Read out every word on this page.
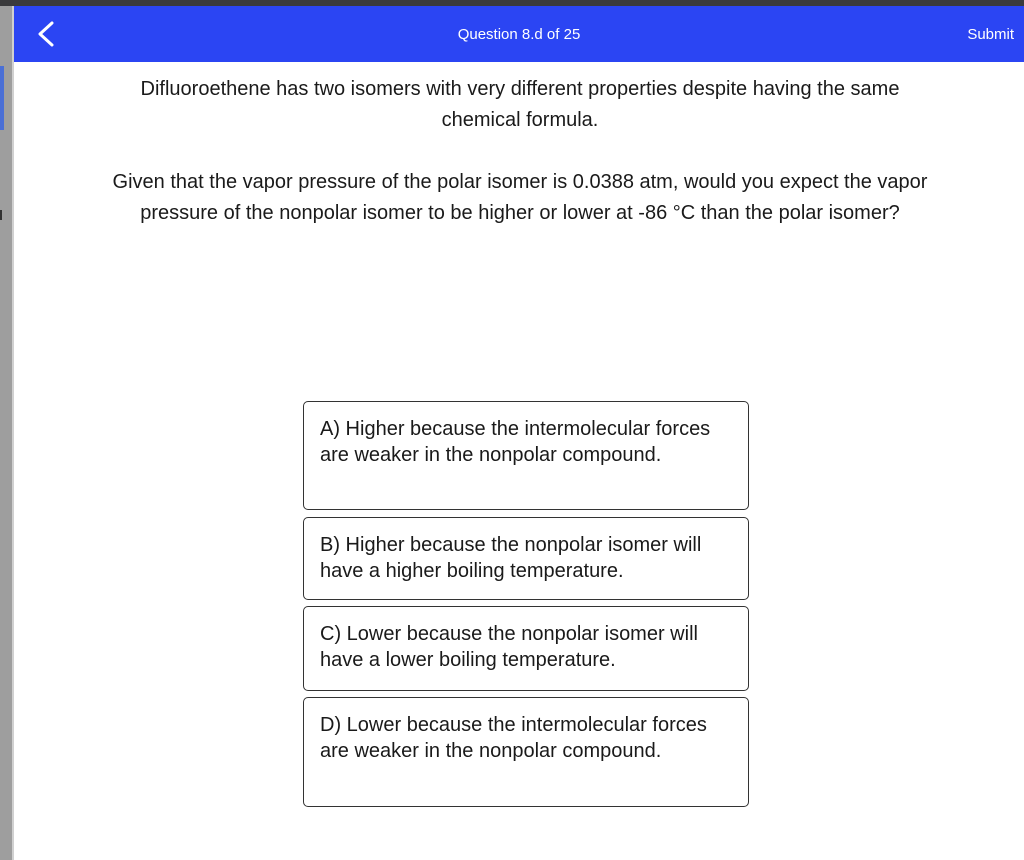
Question 8.d of 25	Submit
Difluoroethene has two isomers with very different properties despite having the same chemical formula.
Given that the vapor pressure of the polar isomer is 0.0388 atm, would you expect the vapor pressure of the nonpolar isomer to be higher or lower at -86 °C than the polar isomer?
A) Higher because the intermolecular forces are weaker in the nonpolar compound.
B) Higher because the nonpolar isomer will have a higher boiling temperature.
C) Lower because the nonpolar isomer will have a lower boiling temperature.
D) Lower because the intermolecular forces are weaker in the nonpolar compound.
